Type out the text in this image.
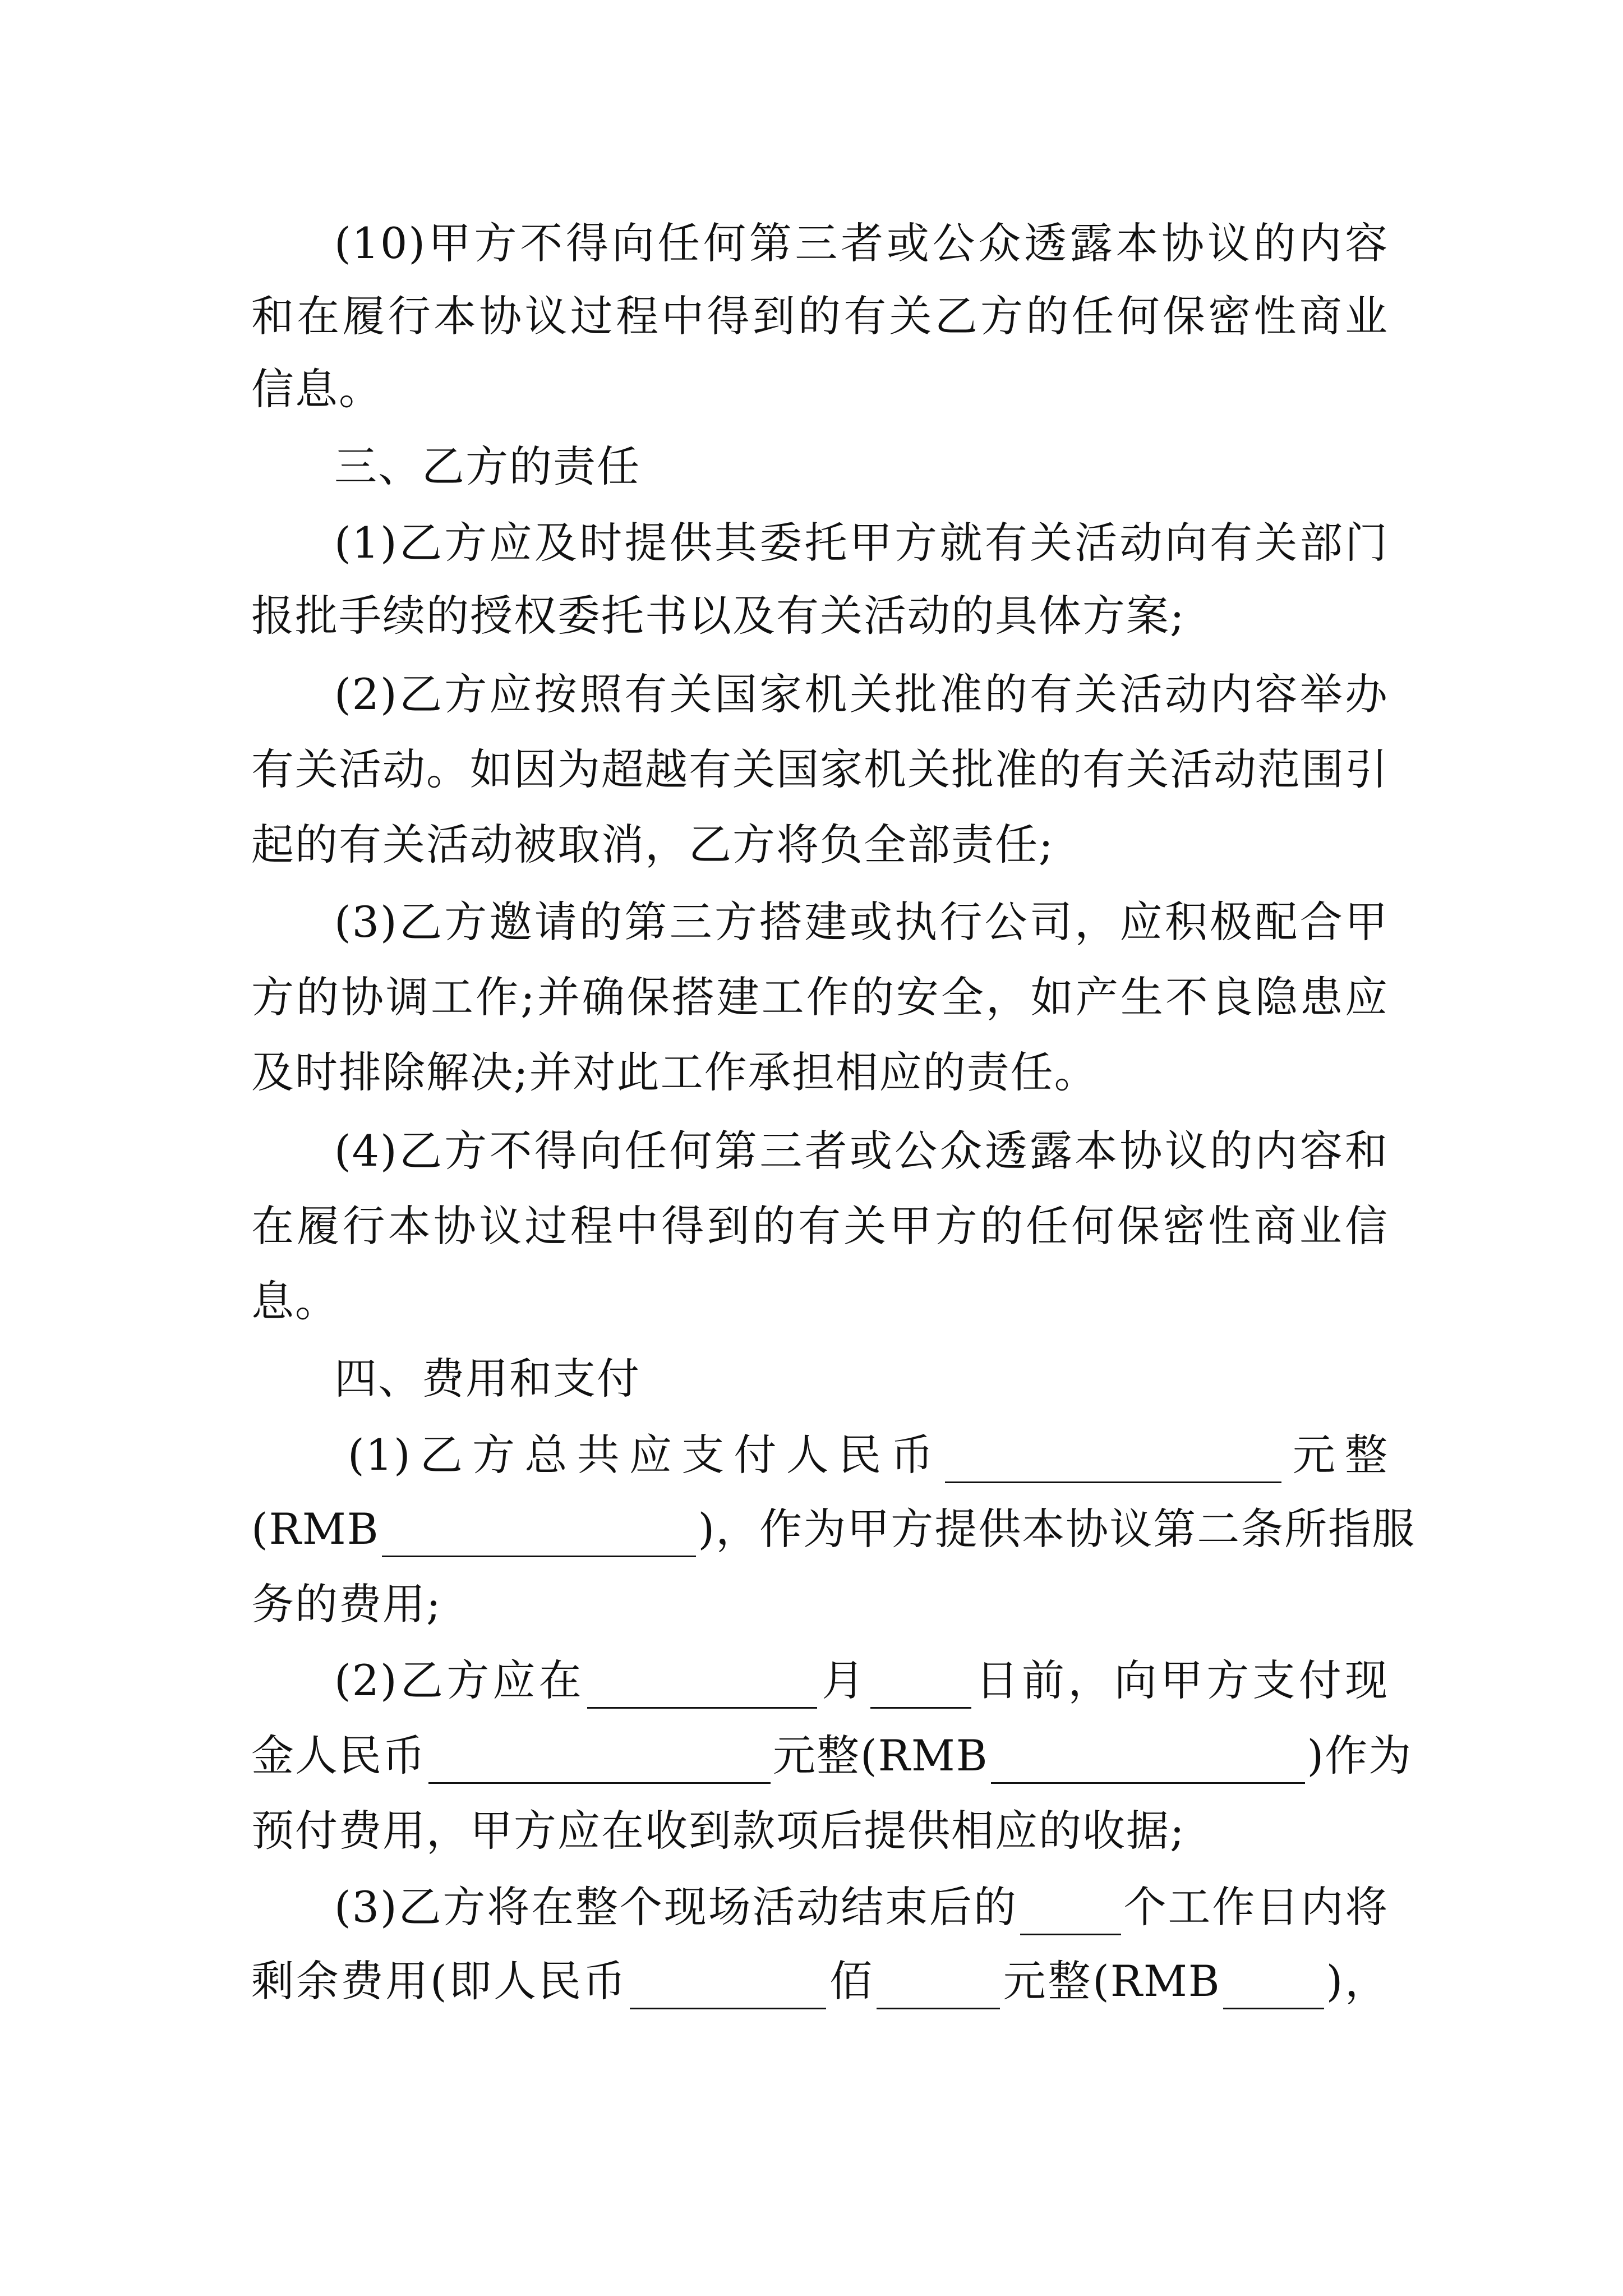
(10)甲方不得向任何第三者或公众透露本协议的内容
和在履行本协议过程中得到的有关乙方的任何保密性商业
信息。
三、乙方的责任
(1)乙方应及时提供其委托甲方就有关活动向有关部门
报批手续的授权委托书以及有关活动的具体方案;
(2)乙方应按照有关国家机关批准的有关活动内容举办
有关活动。如因为超越有关国家机关批准的有关活动范围引
起的有关活动被取消，乙方将负全部责任;
(3)乙方邀请的第三方搭建或执行公司，应积极配合甲
方的协调工作;并确保搭建工作的安全，如产生不良隐患应
及时排除解决;并对此工作承担相应的责任。
(4)乙方不得向任何第三者或公众透露本协议的内容和
在履行本协议过程中得到的有关甲方的任何保密性商业信
息。
四、费用和支付
(1)乙方总共应支付人民币	元整
(RMB	)，作为甲方提供本协议第二条所指服
务的费用;
(2)乙方应在	月 日前，向甲方支付现
金人民币	元整(RMB	)作为
预付费用，甲方应在收到款项后提供相应的收据;
(3)乙方将在整个现场活动结束后的 个工作日内将
剩余费用(即人民币	佰	元整(RMB )，
